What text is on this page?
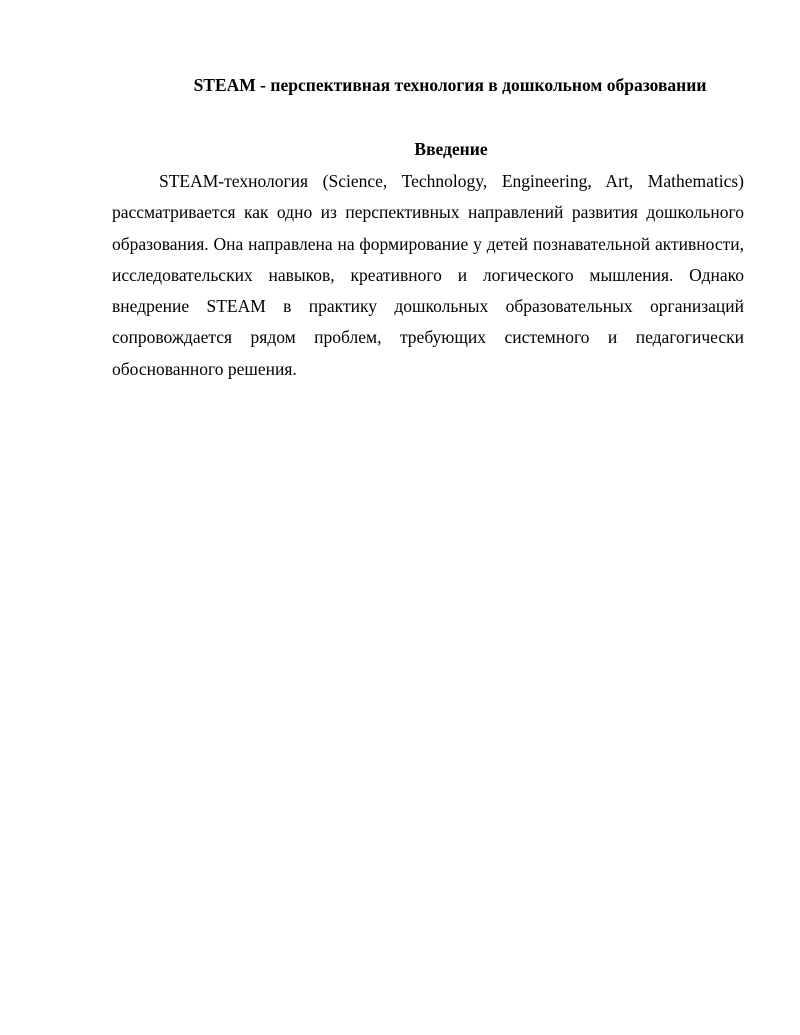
STEAM - перспективная технология в дошкольном образовании
Введение

STEAM-технология (Science, Technology, Engineering, Art, Mathematics) рассматривается как одно из перспективных направлений развития дошкольного образования. Она направлена на формирование у детей познавательной активности, исследовательских навыков, креативного и логического мышления. Однако внедрение STEAM в практику дошкольных образовательных организаций сопровождается рядом проблем, требующих системного и педагогически обоснованного решения.
